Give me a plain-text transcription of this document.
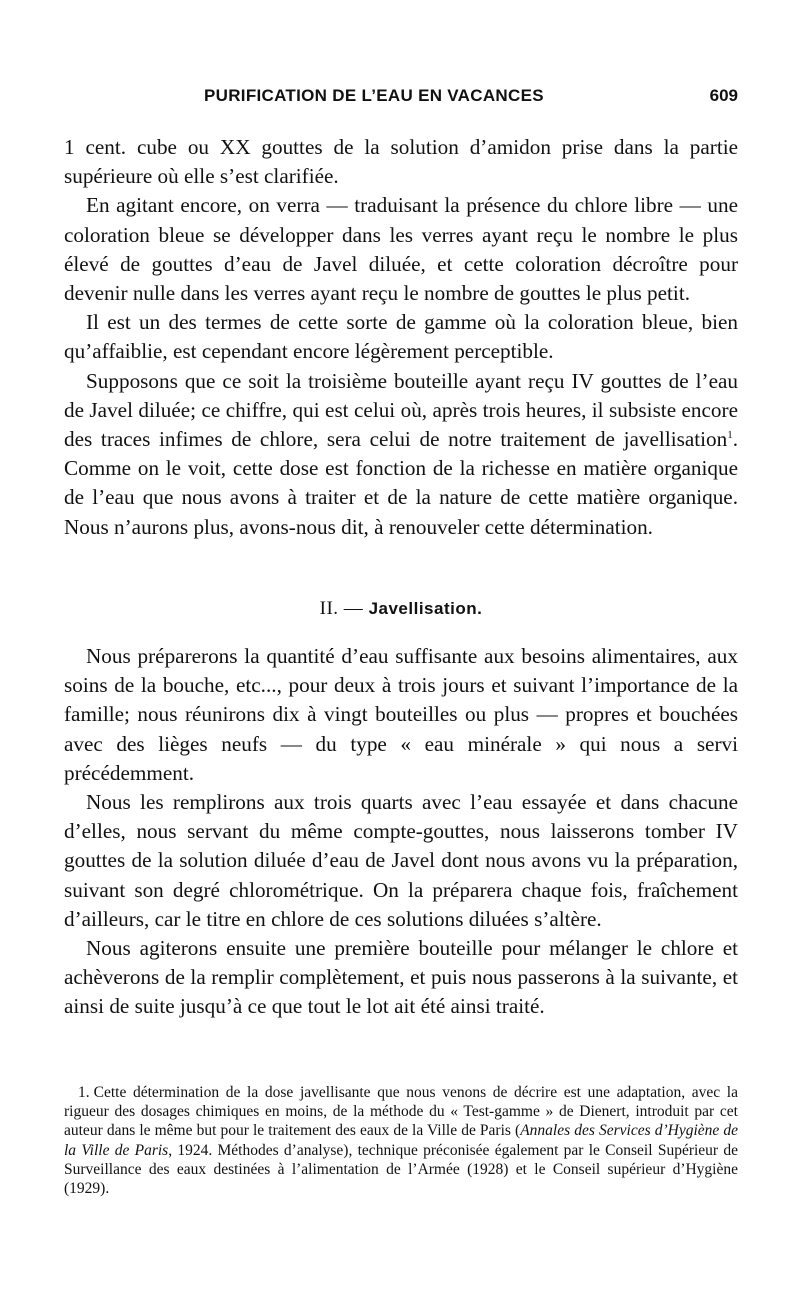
PURIFICATION DE L’EAU EN VACANCES	609

1 cent. cube ou XX gouttes de la solution d’amidon prise dans la partie supérieure où elle s’est clarifiée.

En agitant encore, on verra — traduisant la présence du chlore libre — une coloration bleue se développer dans les verres ayant reçu le nombre le plus élevé de gouttes d’eau de Javel diluée, et cette coloration décroître pour devenir nulle dans les verres ayant reçu le nombre de gouttes le plus petit.

Il est un des termes de cette sorte de gamme où la coloration bleue, bien qu’affaiblie, est cependant encore légèrement perceptible.

Supposons que ce soit la troisième bouteille ayant reçu IV gouttes de l’eau de Javel diluée; ce chiffre, qui est celui où, après trois heures, il subsiste encore des traces infimes de chlore, sera celui de notre traitement de javellisation$^1$. Comme on le voit, cette dose est fonction de la richesse en matière organique de l’eau que nous avons à traiter et de la nature de cette matière organique. Nous n’aurons plus, avons-nous dit, à renouveler cette détermination.

II. — Javellisation.

Nous préparerons la quantité d’eau suffisante aux besoins alimentaires, aux soins de la bouche, etc..., pour deux à trois jours et suivant l’importance de la famille; nous réunirons dix à vingt bouteilles ou plus — propres et bouchées avec des lièges neufs — du type « eau minérale » qui nous a servi précédemment.

Nous les remplirons aux trois quarts avec l’eau essayée et dans chacune d’elles, nous servant du même compte-gouttes, nous laisserons tomber IV gouttes de la solution diluée d’eau de Javel dont nous avons vu la préparation, suivant son degré chlorométrique. On la préparera chaque fois, fraîchement d’ailleurs, car le titre en chlore de ces solutions diluées s’altère.

Nous agiterons ensuite une première bouteille pour mélanger le chlore et achèverons de la remplir complètement, et puis nous passerons à la suivante, et ainsi de suite jusqu’à ce que tout le lot ait été ainsi traité.

1. Cette détermination de la dose javellisante que nous venons de décrire est une adaptation, avec la rigueur des dosages chimiques en moins, de la méthode du « Test-gamme » de Dienert, introduit par cet auteur dans le même but pour le traitement des eaux de la Ville de Paris (Annales des Services d’Hygiène de la Ville de Paris, 1924. Méthodes d’analyse), technique préconisée également par le Conseil Supérieur de Surveillance des eaux destinées à l’alimentation de l’Armée (1928) et le Conseil supérieur d’Hygiène (1929).
